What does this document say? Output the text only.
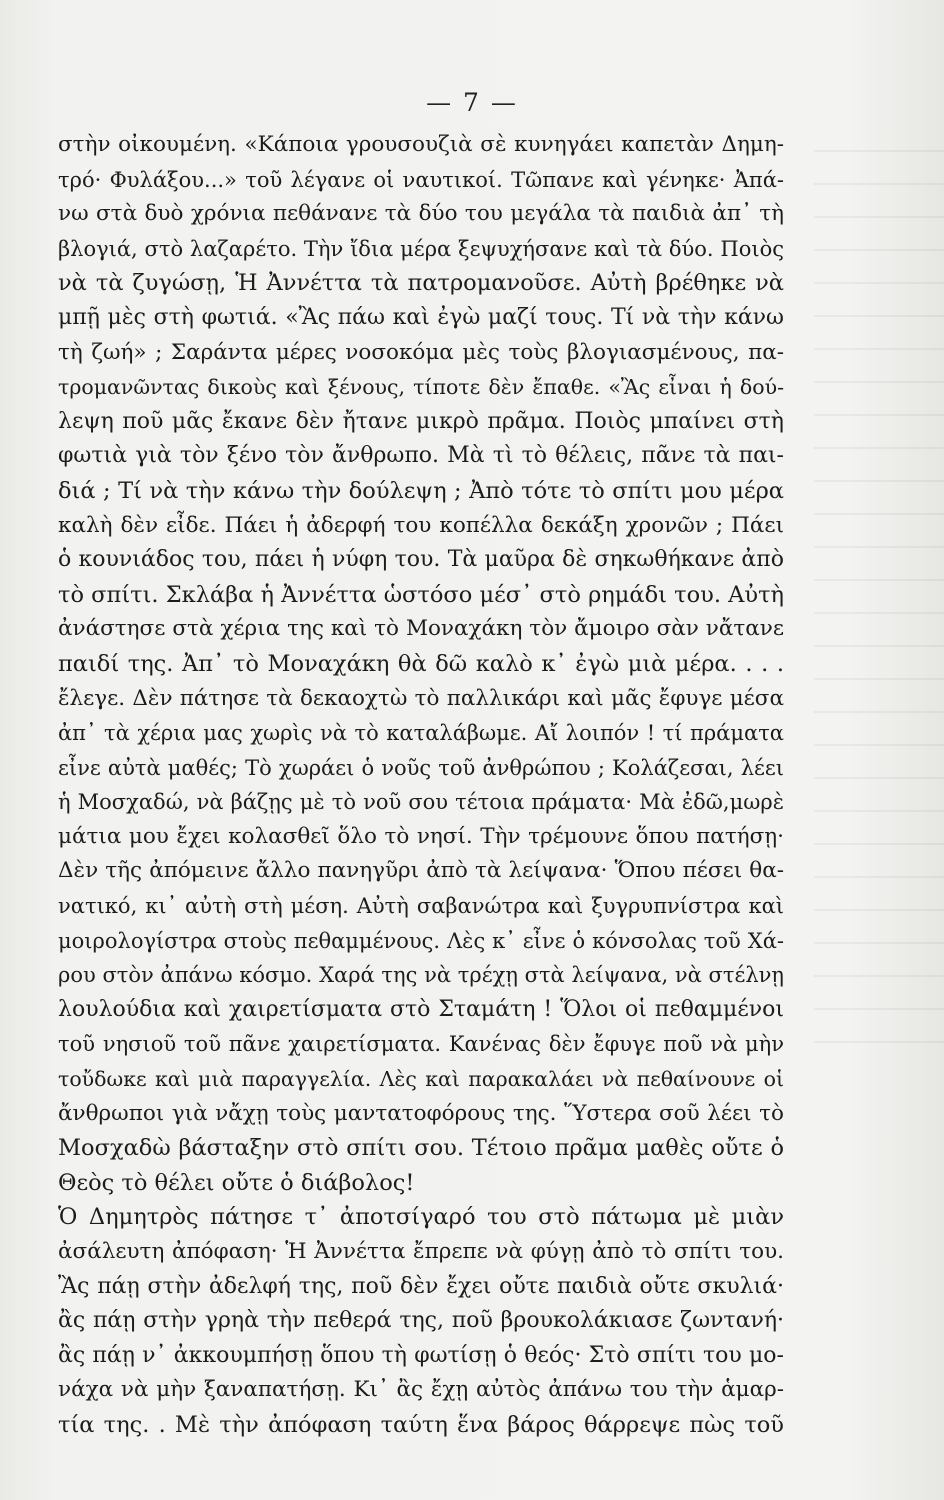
— 7 —
στὴν οἰκουμένη. «Κάποια γρουσουζιὰ σὲ κυνηγάει καπετὰν Δημη-
τρό· Φυλάξου...» τοῦ λέγανε οἱ ναυτικοί. Τῶπανε καὶ γένηκε· Ἀπά-
νω στὰ δυὸ χρόνια πεθάνανε τὰ δύο του μεγάλα τὰ παιδιὰ ἀπ᾽ τὴ
βλογιά, στὸ λαζαρέτο. Τὴν ἴδια μέρα ξεψυχήσανε καὶ τὰ δύο. Ποιὸς
νὰ τὰ ζυγώσῃ, Ἡ Ἀννέττα τὰ πατρομανοῦσε. Αὐτὴ βρέθηκε νὰ
μπῇ μὲς στὴ φωτιά. «Ἂς πάω καὶ ἐγὼ μαζί τους. Τί νὰ τὴν κάνω
τὴ ζωή» ; Σαράντα μέρες νοσοκόμα μὲς τοὺς βλογιασμένους, πα-
τρομανῶντας δικοὺς καὶ ξένους, τίποτε δὲν ἔπαθε. «Ἂς εἶναι ἡ δού-
λεψη ποῦ μᾶς ἔκανε δὲν ἤτανε μικρὸ πρᾶμα. Ποιὸς μπαίνει στὴ
φωτιὰ γιὰ τὸν ξένο τὸν ἄνθρωπο. Μὰ τὶ τὸ θέλεις, πᾶνε τὰ παι-
διά ; Τί νὰ τὴν κάνω τὴν δούλεψη ; Ἀπὸ τότε τὸ σπίτι μου μέρα
καλὴ δὲν εἶδε. Πάει ἡ ἀδερφή του κοπέλλα δεκάξη χρονῶν ; Πάει
ὁ κουνιάδος του, πάει ἡ νύφη του. Τὰ μαῦρα δὲ σηκωθήκανε ἀπὸ
τὸ σπίτι. Σκλάβα ἡ Ἀννέττα ὡστόσο μέσ᾽ στὸ ρημάδι του. Αὐτὴ
ἀνάστησε στὰ χέρια της καὶ τὸ Μοναχάκη τὸν ἄμοιρο σὰν νἄτανε
παιδί της. Ἀπ᾽ τὸ Μοναχάκη θὰ δῶ καλὸ κ᾽ ἐγὼ μιὰ μέρα. . . .
ἔλεγε. Δὲν πάτησε τὰ δεκαοχτὼ τὸ παλλικάρι καὶ μᾶς ἔφυγε μέσα
ἀπ᾽ τὰ χέρια μας χωρὶς νὰ τὸ καταλάβωμε. Αἴ λοιπόν ! τί πράματα
εἶνε αὐτὰ μαθές; Τὸ χωράει ὁ νοῦς τοῦ ἀνθρώπου ; Κολάζεσαι, λέει
ἡ Μοσχαδώ, νὰ βάζῃς μὲ τὸ νοῦ σου τέτοια πράματα· Μὰ ἐδῶ,μωρὲ
μάτια μου ἔχει κολασθεῖ ὅλο τὸ νησί. Τὴν τρέμουνε ὅπου πατήσῃ·
Δὲν τῆς ἀπόμεινε ἄλλο πανηγῦρι ἀπὸ τὰ λείψανα· Ὅπου πέσει θα-
νατικό, κι᾽ αὐτὴ στὴ μέση. Αὐτὴ σαβανώτρα καὶ ξυγρυπνίστρα καὶ
μοιρολογίστρα στοὺς πεθαμμένους. Λὲς κ᾽ εἶνε ὁ κόνσολας τοῦ Χά-
ρου στὸν ἀπάνω κόσμο. Χαρά της νὰ τρέχῃ στὰ λείψανα, νὰ στέλνῃ
λουλούδια καὶ χαιρετίσματα στὸ Σταμάτη ! Ὅλοι οἱ πεθαμμένοι
τοῦ νησιοῦ τοῦ πᾶνε χαιρετίσματα. Κανένας δὲν ἔφυγε ποῦ νὰ μὴν
τοὔδωκε καὶ μιὰ παραγγελία. Λὲς καὶ παρακαλάει νὰ πεθαίνουνε οἱ
ἄνθρωποι γιὰ νἄχῃ τοὺς μαντατοφόρους της. Ὕστερα σοῦ λέει τὸ
Μοσχαδὼ βάσταξην στὸ σπίτι σου. Τέτοιο πρᾶμα μαθὲς οὔτε ὁ
Θεὸς τὸ θέλει οὔτε ὁ διάβολος!
Ὁ Δημητρὸς πάτησε τ᾽ ἀποτσίγαρό του στὸ πάτωμα μὲ μιὰν
ἀσάλευτη ἀπόφαση· Ἡ Ἀννέττα ἔπρεπε νὰ φύγῃ ἀπὸ τὸ σπίτι του.
Ἂς πάῃ στὴν ἀδελφή της, ποῦ δὲν ἔχει οὔτε παιδιὰ οὔτε σκυλιά·
ἂς πάῃ στὴν γρηὰ τὴν πεθερά της, ποῦ βρουκολάκιασε ζωντανή·
ἂς πάῃ ν᾽ ἀκκουμπήσῃ ὅπου τὴ φωτίσῃ ὁ θεός· Στὸ σπίτι του μο-
νάχα νὰ μὴν ξαναπατήσῃ. Κι᾽ ἂς ἔχῃ αὐτὸς ἀπάνω του τὴν ἁμαρ-
τία της. . Μὲ τὴν ἀπόφαση ταύτη ἕνα βάρος θάρρεψε πὼς τοῦ
